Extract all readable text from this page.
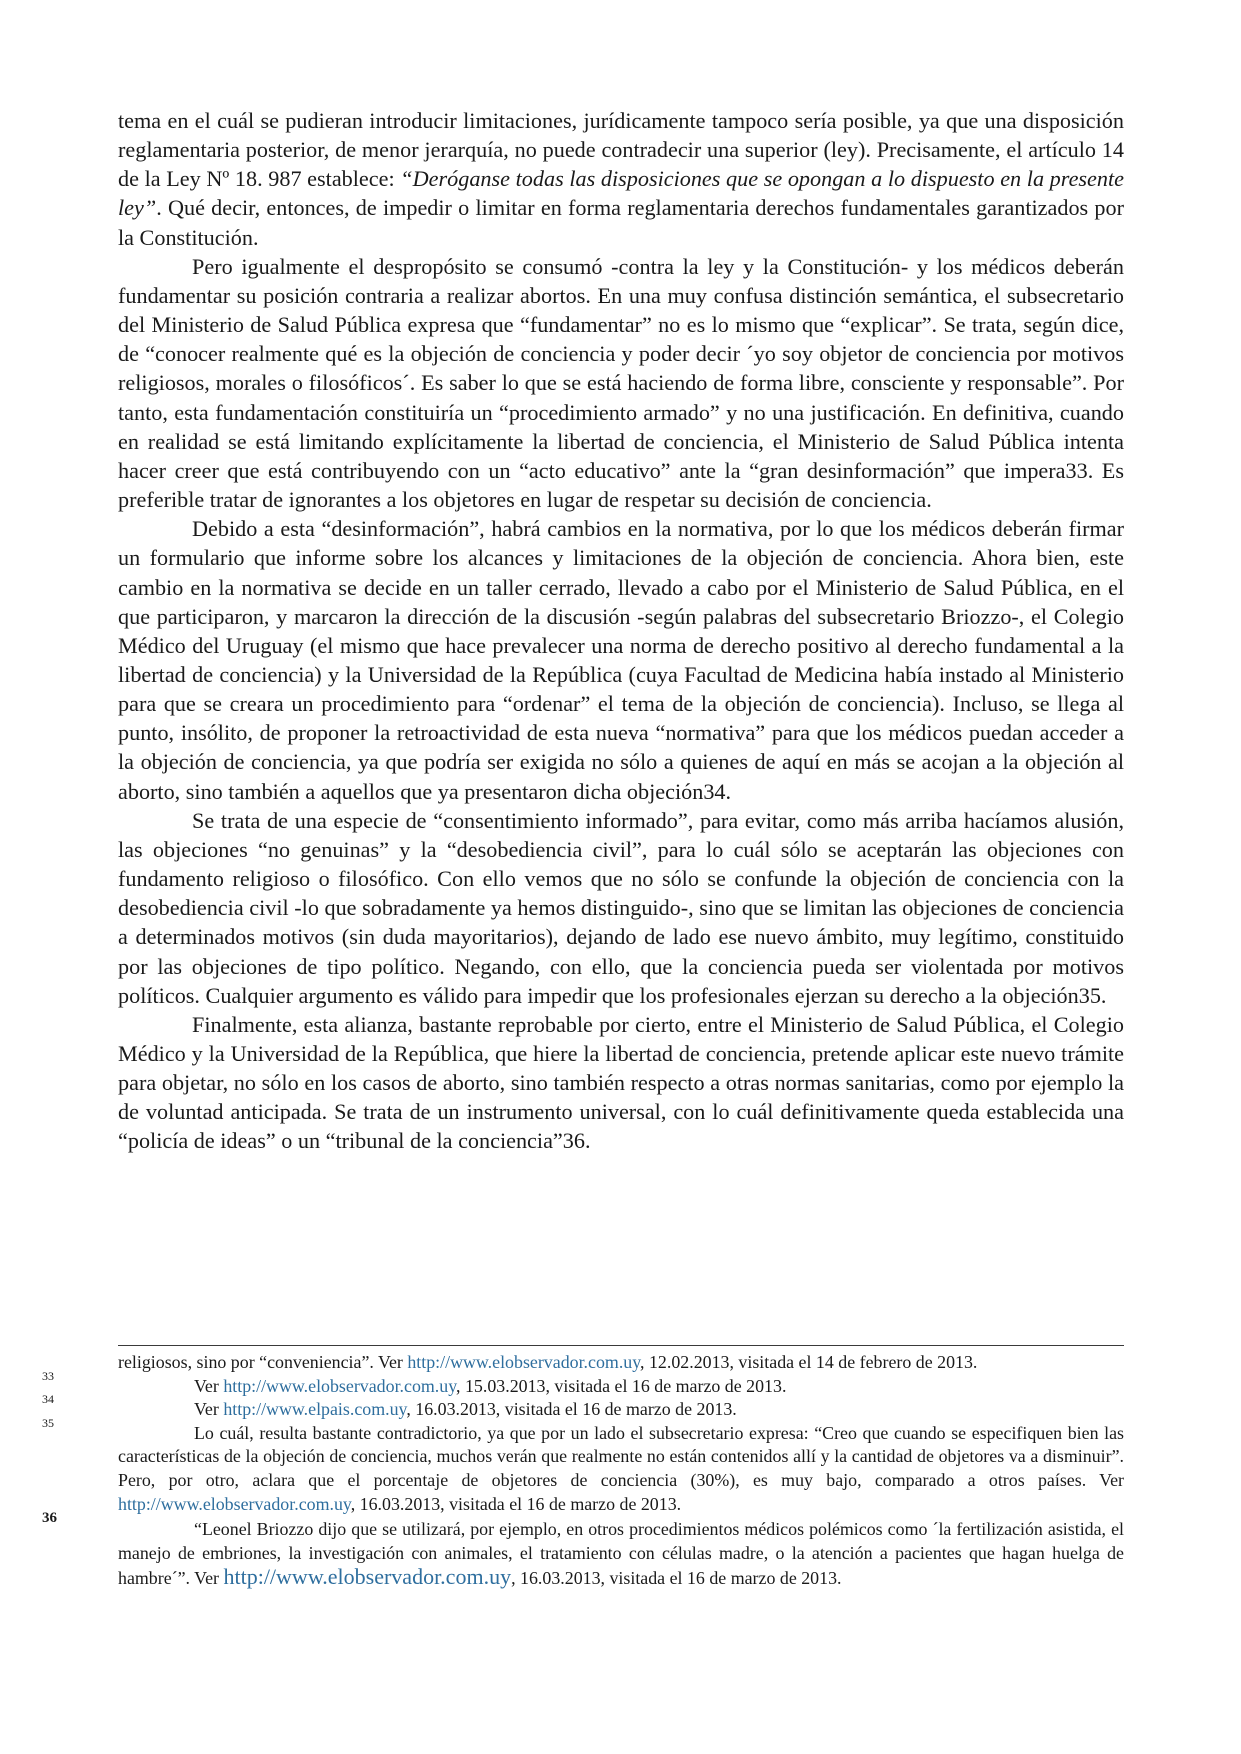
tema en el cuál se pudieran introducir limitaciones, jurídicamente tampoco sería posible, ya que una disposición reglamentaria posterior, de menor jerarquía, no puede contradecir una superior (ley). Precisamente, el artículo 14 de la Ley Nº 18. 987 establece: “Deróganse todas las disposiciones que se opongan a lo dispuesto en la presente ley”. Qué decir, entonces, de impedir o limitar en forma reglamentaria derechos fundamentales garantizados por la Constitución.

Pero igualmente el despropósito se consumó -contra la ley y la Constitución- y los médicos deberán fundamentar su posición contraria a realizar abortos. En una muy confusa distinción semántica, el subsecretario del Ministerio de Salud Pública expresa que “fundamentar” no es lo mismo que “explicar”. Se trata, según dice, de “conocer realmente qué es la objeción de conciencia y poder decir ´yo soy objetor de conciencia por motivos religiosos, morales o filosóficos´. Es saber lo que se está haciendo de forma libre, consciente y responsable”. Por tanto, esta fundamentación constituiría un “procedimiento armado” y no una justificación. En definitiva, cuando en realidad se está limitando explícitamente la libertad de conciencia, el Ministerio de Salud Pública intenta hacer creer que está contribuyendo con un “acto educativo” ante la “gran desinformación” que impera33. Es preferible tratar de ignorantes a los objetores en lugar de respetar su decisión de conciencia.

Debido a esta “desinformación”, habrá cambios en la normativa, por lo que los médicos deberán firmar un formulario que informe sobre los alcances y limitaciones de la objeción de conciencia. Ahora bien, este cambio en la normativa se decide en un taller cerrado, llevado a cabo por el Ministerio de Salud Pública, en el que participaron, y marcaron la dirección de la discusión -según palabras del subsecretario Briozzo-, el Colegio Médico del Uruguay (el mismo que hace prevalecer una norma de derecho positivo al derecho fundamental a la libertad de conciencia) y la Universidad de la República (cuya Facultad de Medicina había instado al Ministerio para que se creara un procedimiento para “ordenar” el tema de la objeción de conciencia). Incluso, se llega al punto, insólito, de proponer la retroactividad de esta nueva “normativa” para que los médicos puedan acceder a la objeción de conciencia, ya que podría ser exigida no sólo a quienes de aquí en más se acojan a la objeción al aborto, sino también a aquellos que ya presentaron dicha objeción34.

Se trata de una especie de “consentimiento informado”, para evitar, como más arriba hacíamos alusión, las objeciones “no genuinas” y la “desobediencia civil”, para lo cuál sólo se aceptarán las objeciones con fundamento religioso o filosófico. Con ello vemos que no sólo se confunde la objeción de conciencia con la desobediencia civil -lo que sobradamente ya hemos distinguido-, sino que se limitan las objeciones de conciencia a determinados motivos (sin duda mayoritarios), dejando de lado ese nuevo ámbito, muy legítimo, constituido por las objeciones de tipo político. Negando, con ello, que la conciencia pueda ser violentada por motivos políticos. Cualquier argumento es válido para impedir que los profesionales ejerzan su derecho a la objeción35.

Finalmente, esta alianza, bastante reprobable por cierto, entre el Ministerio de Salud Pública, el Colegio Médico y la Universidad de la República, que hiere la libertad de conciencia, pretende aplicar este nuevo trámite para objetar, no sólo en los casos de aborto, sino también respecto a otras normas sanitarias, como por ejemplo la de voluntad anticipada. Se trata de un instrumento universal, con lo cuál definitivamente queda establecida una “policía de ideas” o un “tribunal de la conciencia”36.

religiosos, sino por “conveniencia”. Ver http://www.elobservador.com.uy, 12.02.2013, visitada el 14 de febrero de 2013.

33	Ver http://www.elobservador.com.uy, 15.03.2013, visitada el 16 de marzo de 2013.

34	Ver http://www.elpais.com.uy, 16.03.2013, visitada el 16 de marzo de 2013.

35	Lo cuál, resulta bastante contradictorio, ya que por un lado el subsecretario expresa: “Creo que cuando se especifiquen bien las características de la objeción de conciencia, muchos verán que realmente no están contenidos allí y la cantidad de objetores va a disminuir”. Pero, por otro, aclara que el porcentaje de objetores de conciencia (30%), es muy bajo, comparado a otros países. Ver http://www.elobservador.com.uy, 16.03.2013, visitada el 16 de marzo de 2013.

36
“Leonel Briozzo dijo que se utilizará, por ejemplo, en otros procedimientos médicos polémicos como ´la fertilización asistida, el manejo de embriones, la investigación con animales, el tratamiento con células madre, o la atención a pacientes que hagan huelga de hambre´”. Ver http://www.elobservador.com.uy, 16.03.2013, visitada el 16 de marzo de 2013.
